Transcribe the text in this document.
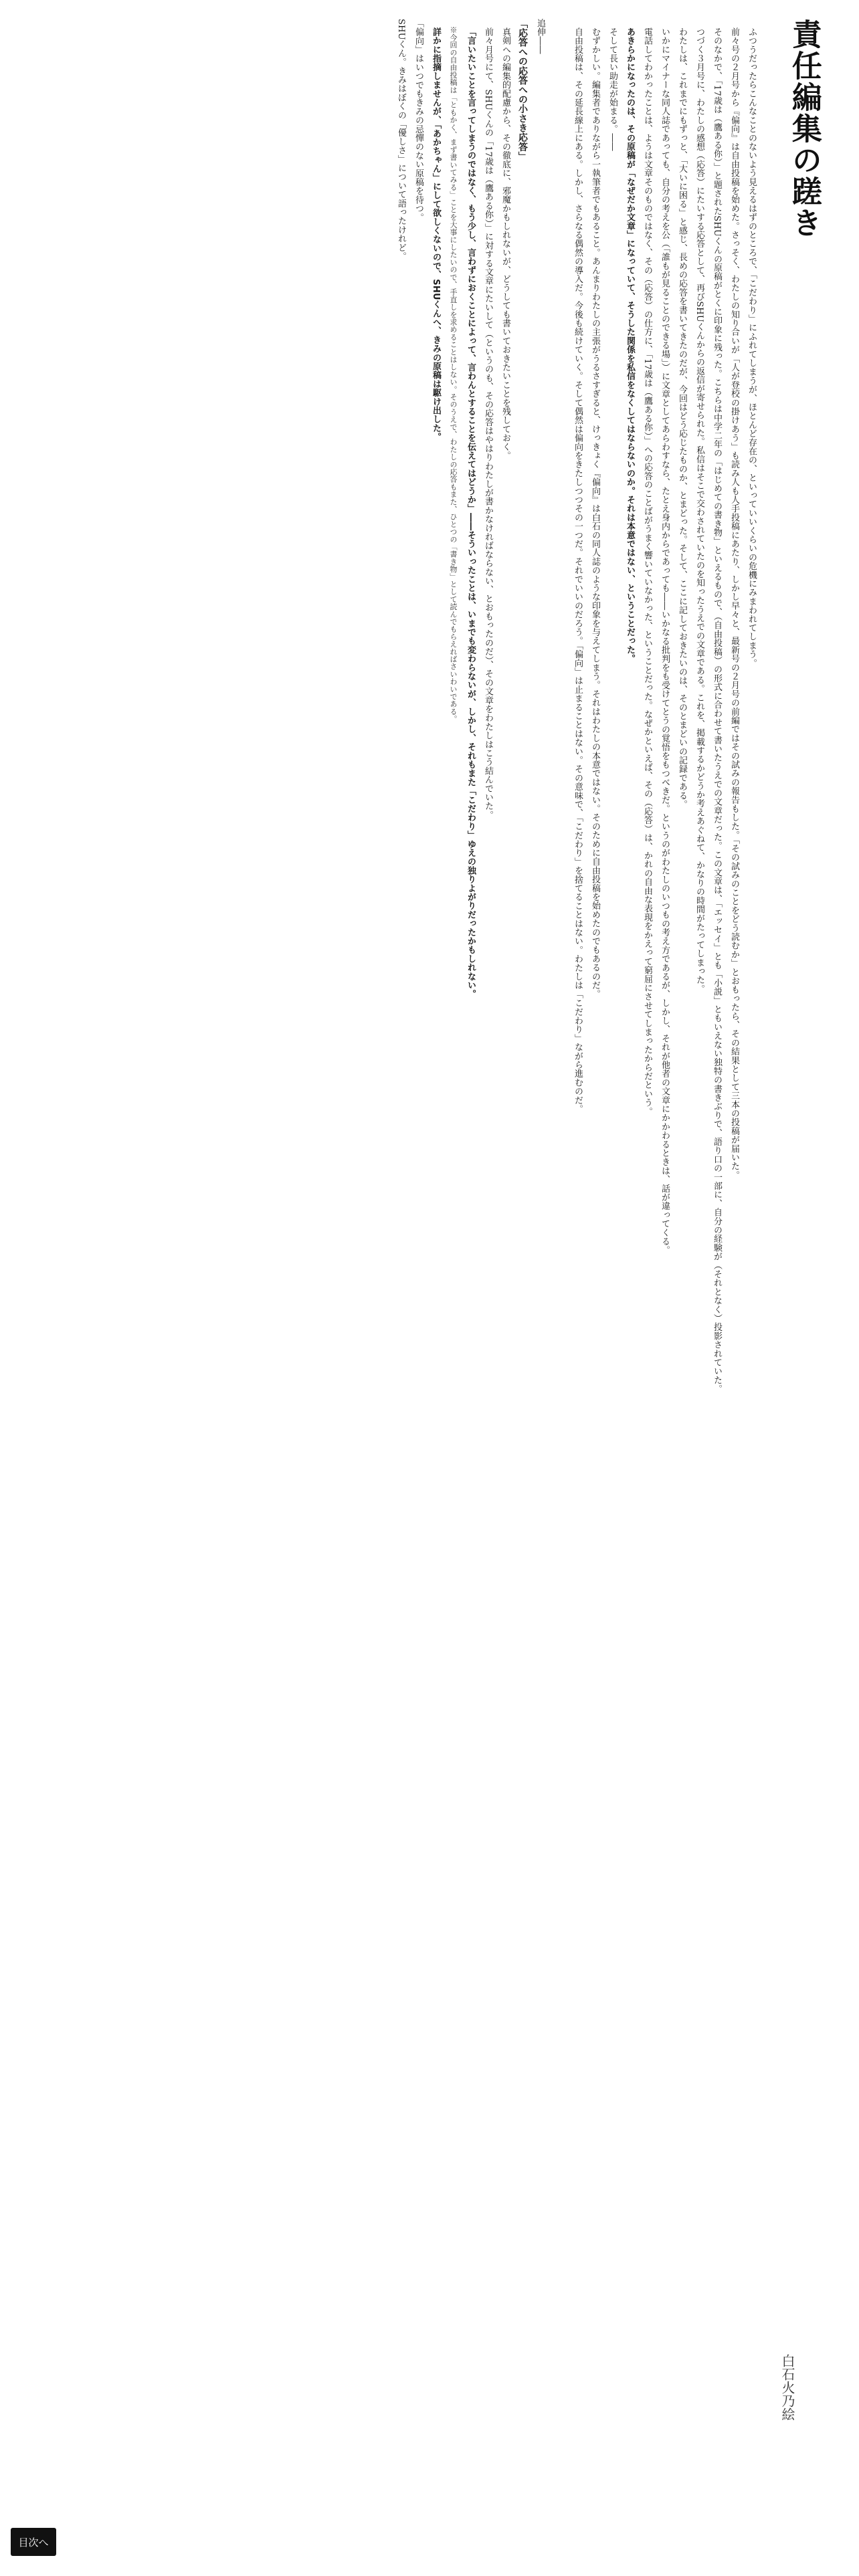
責任編集の蹉き
白石火乃絵

ふつうだったらこんなことのないよう見えるはずのところで、「こだわり」にふれてしまうが、ほとんど存在の、といっていいくらいの危機にみまわれてしまう。

前々号の２月号から『偏向』は自由投稿を始めた。さっそく、わたしの知り合いが「人が登校の掛けあう」も読み人も人手投稿にあたり、しかし早々と、最新号の２月号の前編ではその試みの報告もした。「その試みのことをどう読むか」とおもったら、その結果として三本の投稿が届いた。

そのなかで、「17歳は（鷹ある你）」と題されたSHUくんの原稿がとくに印象に残った。こちらは中学二年の「はじめての書き物」といえるもので、（自由投稿）の形式に合わせて書いたうえでの文章だった。この文章は、「エッセイ」とも「小説」ともいえない独特の書きぶりで、語り口の一部に、自分の経験が（それとなく）投影されていた。

つづく３月号に、わたしの感想（応答）にたいする応答として、再びSHUくんからの返信が寄せられた。私信はそこで交わされていたのを知ったうえでの文章である。これを、掲載するかどうか考えあぐねて、かなりの時間がたってしまった。

わたしは、これまでにもずっと、「大いに困る」と感じ、長めの応答を書いてきたのだが、今回はどう応じたものか、とまどった。そして、ここに記しておきたいのは、そのとまどいの記録である。

いかにマイナーな同人誌であっても、自分の考えを公（「誰もが見ることのできる場」）に文章としてあらわすなら、たとえ身内からであっても――いかなる批判をも受けてとうの覚悟をもつべきだ。というのがわたしのいつもの考え方であるが、しかし、それが他者の文章にかかわるときは、話が違ってくる。

電話してわかったことは、ようは文章そのものではなく、その（応答）の仕方に、「17歳は（鷹ある你）」への応答のことばがうまく響いていなかった、ということだった。なぜかといえば、その（応答）は、かれの自由な表現をかえって窮屈にさせてしまったからだという。

あきらかになったのは、その原稿が「なぜだか文章」になっていて、そうした関係を私信をなくしてはならないのか。それは本意ではない、ということだった。

そして長い助走が始まる。――

むずかしい。編集者でありながら一執筆者でもあること。あんまりわたしの主張がうるさすぎると、けっきょく『偏向』は白石の同人誌のような印象を与えてしまう。それはわたしの本意ではない。そのために自由投稿を始めたのでもあるのだ。

自由投稿は、その延長線上にある。しかし、さらなる偶然の導入だ。今後も続けていく。そして偶然は偏向をきたしつつその一つだ。それでいいのだろう。「偏向」は止まることはない。その意味で、「こだわり」を捨てることはない。わたしは「こだわり」ながら進むのだ。

追伸――

「応答への応答への小さき応答」

真剣への編集的配慮から、その徹底に、邪魔かもしれないが、どうしても書いておきたいことを残しておく。

前々月号にて、SHUくんの「17歳は（鷹ある你）」に対する文章にたいして（というのも、その応答はやはりわたしが書かなければならない、とおもったのだ）、その文章をわたしはこう結んでいた。

「言いたいことを言ってしまうのではなく、もう少し、言わずにおくことによって、言わんとすることを伝えてはどうか」――そういったことは、いまでも変わらないが、しかし、それもまた「こだわり」ゆえの独りよがりだったかもしれない。

※今回の自由投稿は「ともかく、まず書いてみる」ことを大事にしたいので、手直しを求めることはしない。そのうえで、わたしの応答もまた、ひとつの「書き物」として読んでもらえればさいわいである。

詳かに指摘しませんが、「あかちゃん」にして欲しくないので、SHUくんへ、きみの原稿は駆け出した。

「偏向」はいつでもきみの忌憚のない原稿を待つ。

SHUくん。きみはぼくの「優しさ」について語ったけれど。

目次へ
